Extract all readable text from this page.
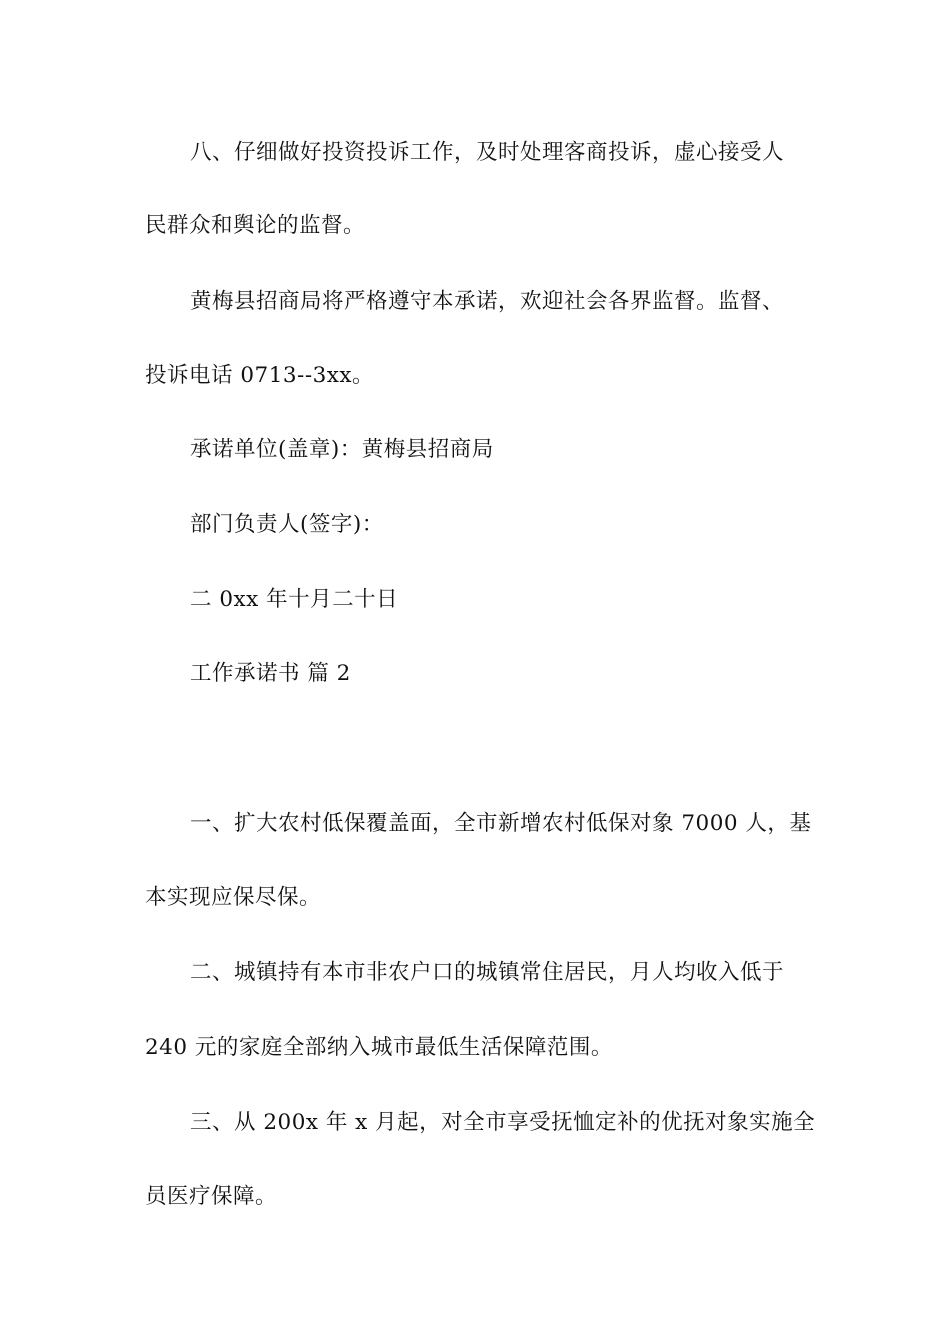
八、仔细做好投资投诉工作，及时处理客商投诉，虚心接受人
民群众和舆论的监督。
黄梅县招商局将严格遵守本承诺，欢迎社会各界监督。监督、
投诉电话 0713--3xx。
承诺单位(盖章)：黄梅县招商局
部门负责人(签字)：
二 0xx 年十月二十日
工作承诺书 篇 2
一、扩大农村低保覆盖面，全市新增农村低保对象 7000 人，基
本实现应保尽保。
二、城镇持有本市非农户口的城镇常住居民，月人均收入低于
240 元的家庭全部纳入城市最低生活保障范围。
三、从 200x 年 x 月起，对全市享受抚恤定补的优抚对象实施全
员医疗保障。
